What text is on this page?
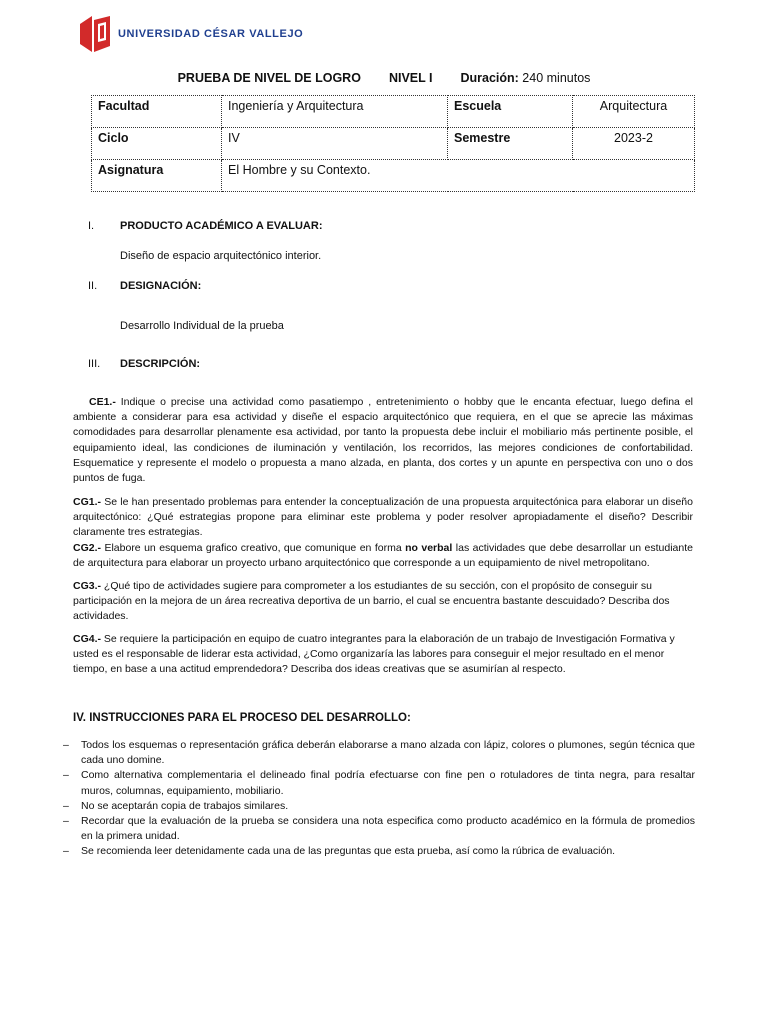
UNIVERSIDAD CÉSAR VALLEJO
PRUEBA DE NIVEL DE LOGRO NIVEL I Duración: 240 minutos
Facultad	Ingeniería y Arquitectura	Escuela	Arquitectura
Ciclo	IV	Semestre	2023-2
Asignatura	El Hombre y su Contexto.		
I. PRODUCTO ACADÉMICO A EVALUAR:
Diseño de espacio arquitectónico interior.
II. DESIGNACIÓN:
Desarrollo Individual de la prueba
III. DESCRIPCIÓN:
CE1.- Indique o precise una actividad como pasatiempo , entretenimiento o hobby que le encanta efectuar, luego defina el ambiente a considerar para esa actividad y diseñe el espacio arquitectónico que requiera, en el que se aprecie las máximas comodidades para desarrollar plenamente esa actividad, por tanto la propuesta debe incluir el mobiliario más pertinente posible, el equipamiento ideal, las condiciones de iluminación y ventilación, los recorridos, las mejores condiciones de confortabilidad. Esquematice y represente el modelo o propuesta a mano alzada, en planta, dos cortes y un apunte en perspectiva con uno o dos puntos de fuga.
CG1.- Se le han presentado problemas para entender la conceptualización de una propuesta arquitectónica para elaborar un diseño arquitectónico: ¿Qué estrategias propone para eliminar este problema y poder resolver apropiadamente el diseño? Describir claramente tres estrategias.
CG2.- Elabore un esquema grafico creativo, que comunique en forma no verbal las actividades que debe desarrollar un estudiante de arquitectura para elaborar un proyecto urbano arquitectónico que corresponde a un equipamiento de nivel metropolitano.
CG3.- ¿Qué tipo de actividades sugiere para comprometer a los estudiantes de su sección, con el propósito de conseguir su participación en la mejora de un área recreativa deportiva de un barrio, el cual se encuentra bastante descuidado? Describa dos actividades.
CG4.- Se requiere la participación en equipo de cuatro integrantes para la elaboración de un trabajo de Investigación Formativa y usted es el responsable de liderar esta actividad, ¿Como organizaría las labores para conseguir el mejor resultado en el menor tiempo, en base a una actitud emprendedora? Describa dos ideas creativas que se asumirían al respecto.
IV. INSTRUCCIONES PARA EL PROCESO DEL DESARROLLO:
– Todos los esquemas o representación gráfica deberán elaborarse a mano alzada con lápiz, colores o plumones, según técnica que cada uno domine.
– Como alternativa complementaria el delineado final podría efectuarse con fine pen o rotuladores de tinta negra, para resaltar muros, columnas, equipamiento, mobiliario.
– No se aceptarán copia de trabajos similares.
– Recordar que la evaluación de la prueba se considera una nota especifica como producto académico en la fórmula de promedios en la primera unidad.
– Se recomienda leer detenidamente cada una de las preguntas que esta prueba, así como la rúbrica de evaluación.
